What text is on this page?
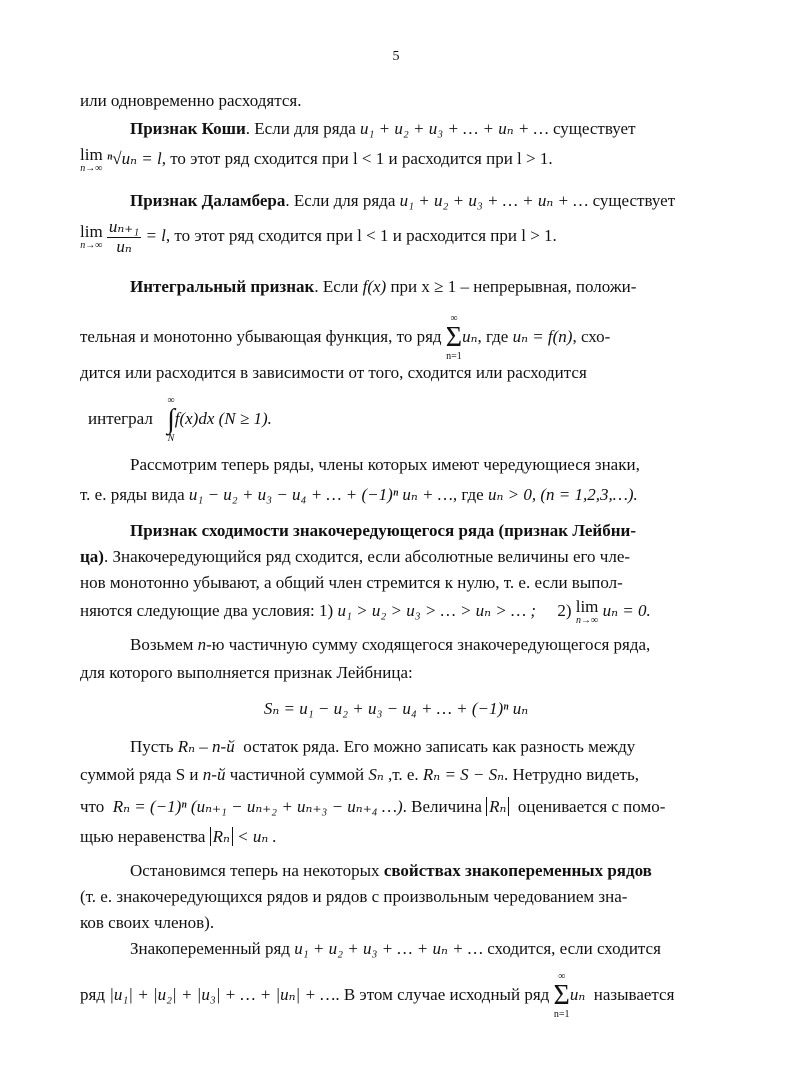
5
или одновременно расходятся.
Признак Коши. Если для ряда u₁ + u₂ + u₃ + … + uₙ + … существует
lim
n→∞
ⁿ√uₙ = l, то этот ряд сходится при l < 1 и расходится при l > 1.
Признак Даламбера. Если для ряда u₁ + u₂ + u₃ + … + uₙ + … существует
lim
n→∞
$\frac{\text{uₙ₊₁}}{\text{uₙ}} = l$, то этот ряд сходится при l < 1 и расходится при l > 1.
Интегральный признак. Если f(x) при x ≥ 1 – непрерывная, положи-
тельная и монотонно убывающая функция, то ряд
∞
Σ
n=1
uₙ, где uₙ = f(n), схо-
дится или расходится в зависимости от того, сходится или расходится
интеграл
∞
∫
N
f(x)dx (N ≥ 1).
Рассмотрим теперь ряды, члены которых имеют чередующиеся знаки,
т. е. ряды вида u₁ − u₂ + u₃ − u₄ + … + (−1)ⁿ uₙ + …, где uₙ > 0, (n = 1,2,3,…).
Признак сходимости знакочередующегося ряда (признак Лейбни-
ца). Знакочередующийся ряд сходится, если абсолютные величины его чле-
нов монотонно убывают, а общий член стремится к нулю, т. е. если выпол-
няются следующие два условия: 1) u₁ > u₂ > u₃ > … > uₙ > … ;     2) lim
n→∞
uₙ = 0.
Возьмем n-ю частичную сумму сходящегося знакочередующегося ряда,
для которого выполняется признак Лейбница:
Sₙ = u₁ − u₂ + u₃ − u₄ + … + (−1)ⁿ uₙ
Пусть Rₙ – n-й  остаток ряда. Его можно записать как разность между
суммой ряда S и n-й частичной суммой Sₙ ,т. е. Rₙ = S − Sₙ. Нетрудно видеть,
что  Rₙ = (−1)ⁿ (uₙ₊₁ − uₙ₊₂ + uₙ₊₃ − uₙ₊₄ …). Величина Rₙ  оценивается с помо-
щью неравенства Rₙ < uₙ .
Остановимся теперь на некоторых свойствах знакопеременных рядов
(т. е. знакочередующихся рядов и рядов с произвольным чередованием зна-
ков своих членов).
Знакопеременный ряд u₁ + u₂ + u₃ + … + uₙ + … сходится, если сходится
ряд |u₁| + |u₂| + |u₃| + … + |uₙ| + …. В этом случае исходный ряд
∞
Σ
n=1
uₙ  называется
